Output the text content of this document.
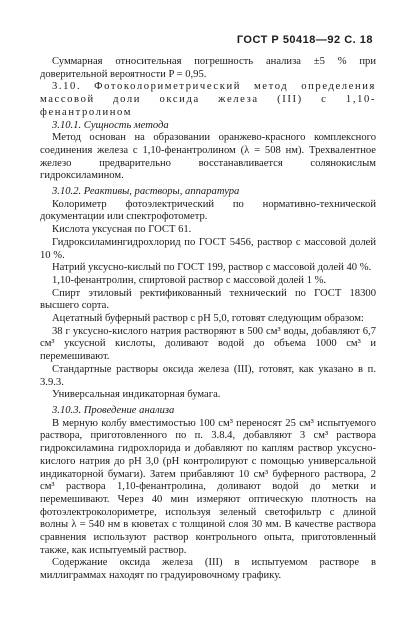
ГОСТ Р 50418—92 С. 18

Суммарная относительная погрешность анализа ±5 % при доверительной вероятности P = 0,95.

3.10. Фотоколориметрический метод определения массовой доли оксида железа (III) с 1,10-фенантролином

3.10.1. Сущность метода

Метод основан на образовании оранжево-красного комплексного соединения железа с 1,10-фенантролином (λ = 508 нм). Трехвалентное железо предварительно восстанавливается солянокислым гидроксиламином.

3.10.2. Реактивы, растворы, аппаратура

Колориметр фотоэлектрический по нормативно-технической документации или спектрофотометр.

Кислота уксусная по ГОСТ 61.

Гидроксиламингидрохлорид по ГОСТ 5456, раствор с массовой долей 10 %.

Натрий уксусно-кислый по ГОСТ 199, раствор с массовой долей 40 %.

1,10-фенантролин, спиртовой раствор с массовой долей 1 %.

Спирт этиловый ректификованный технический по ГОСТ 18300 высшего сорта.

Ацетатный буферный раствор с pH 5,0, готовят следующим образом:

38 г уксусно-кислого натрия растворяют в 500 см³ воды, добавляют 6,7 см³ уксусной кислоты, доливают водой до объема 1000 см³ и перемешивают.

Стандартные растворы оксида железа (III), готовят, как указано в п. 3.9.3.

Универсальная индикаторная бумага.

3.10.3. Проведение анализа

В мерную колбу вместимостью 100 см³ переносят 25 см³ испытуемого раствора, приготовленного по п. 3.8.4, добавляют 3 см³ раствора гидроксиламина гидрохлорида и добавляют по каплям раствор уксусно-кислого натрия до pH 3,0 (pH контролируют с помощью универсальной индикаторной бумаги). Затем прибавляют 10 см³ буферного раствора, 2 см³ раствора 1,10-фенантролина, доливают водой до метки и перемешивают. Через 40 мин измеряют оптическую плотность на фотоэлектроколориметре, используя зеленый светофильтр с длиной волны λ = 540 нм в кюветах с толщиной слоя 30 мм. В качестве раствора сравнения используют раствор контрольного опыта, приготовленный также, как испытуемый раствор.

Содержание оксида железа (III) в испытуемом растворе в миллиграммах находят по градуировочному графику.
